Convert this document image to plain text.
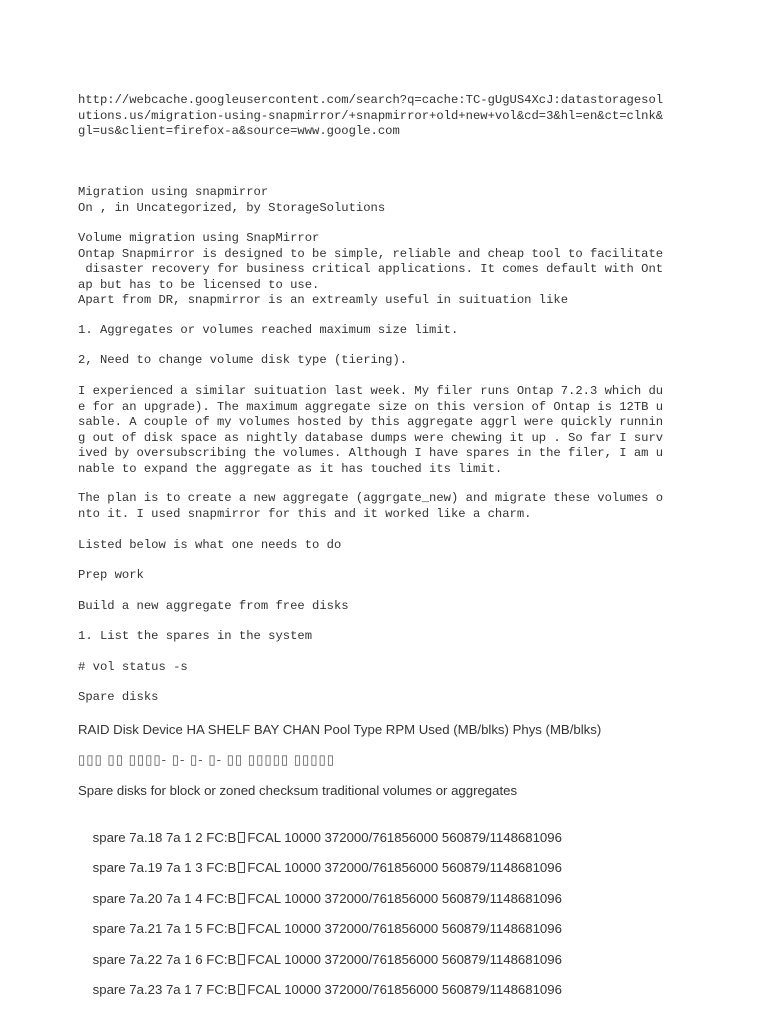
http://webcache.googleusercontent.com/search?q=cache:TC-gUgUS4XcJ:datastoragesol
utions.us/migration-using-snapmirror/+snapmirror+old+new+vol&cd=3&hl=en&ct=clnk&
gl=us&client=firefox-a&source=www.google.com
Migration using snapmirror
On , in Uncategorized, by StorageSolutions
Volume migration using SnapMirror
Ontap Snapmirror is designed to be simple, reliable and cheap tool to facilitate
disaster recovery for business critical applications. It comes default with Ont
ap but has to be licensed to use.
Apart from DR, snapmirror is an extreamly useful in suituation like
1. Aggregates or volumes reached maximum size limit.
2, Need to change volume disk type (tiering).
I experienced a similar suituation last week. My filer runs Ontap 7.2.3 which du
e for an upgrade). The maximum aggregate size on this version of Ontap is 12TB u
sable. A couple of my volumes hosted by this aggregate aggrl were quickly runnin
g out of disk space as nightly database dumps were chewing it up . So far I surv
ived by oversubscribing the volumes. Although I have spares in the filer, I am u
nable to expand the aggregate as it has touched its limit.
The plan is to create a new aggregate (aggrgate_new) and migrate these volumes o
nto it. I used snapmirror for this and it worked like a charm.
Listed below is what one needs to do
Prep work
Build a new aggregate from free disks
1. List the spares in the system
# vol status -s
Spare disks
RAID Disk Device HA SHELF BAY CHAN Pool Type RPM Used (MB/blks) Phys (MB/blks)
▯▯▯ ▯▯ ▯▯▯▯- ▯- ▯- ▯- ▯▯ ▯▯▯▯▯ ▯▯▯▯▯
Spare disks for block or zoned checksum traditional volumes or aggregates

spare 7a.18 7a 1 2 FC:B FCAL 10000 372000/761856000 560879/1148681096

spare 7a.19 7a 1 3 FC:B FCAL 10000 372000/761856000 560879/1148681096

spare 7a.20 7a 1 4 FC:B FCAL 10000 372000/761856000 560879/1148681096

spare 7a.21 7a 1 5 FC:B FCAL 10000 372000/761856000 560879/1148681096

spare 7a.22 7a 1 6 FC:B FCAL 10000 372000/761856000 560879/1148681096

spare 7a.23 7a 1 7 FC:B FCAL 10000 372000/761856000 560879/1148681096
